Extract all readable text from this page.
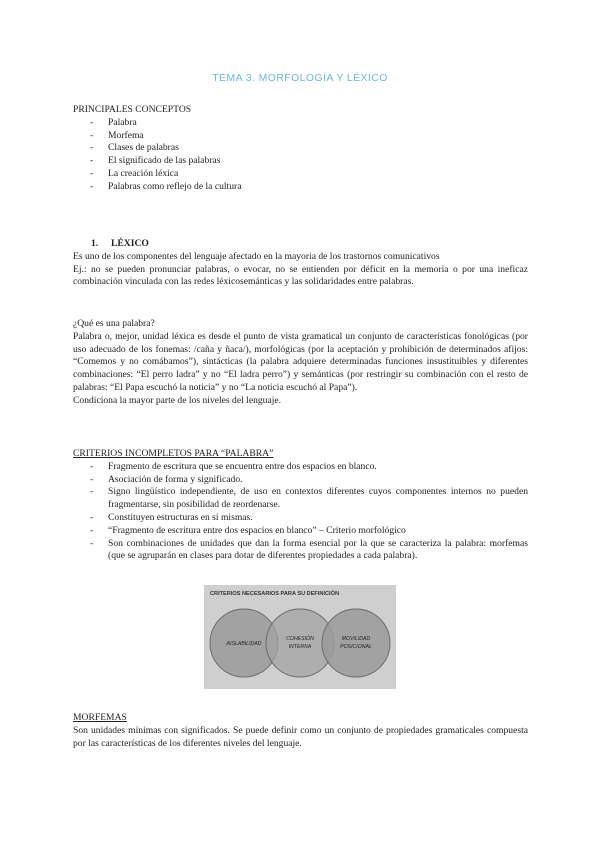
TEMA 3. MORFOLOGÍA Y LÉXICO
PRINCIPALES CONCEPTOS
- Palabra
- Morfema
- Clases de palabras
- El significado de las palabras
- La creación léxica
- Palabras como reflejo de la cultura
1. LÉXICO
Es uno de los componentes del lenguaje afectado en la mayoria de los trastornos comunicativos
Ej.: no se pueden pronunciar palabras, o evocar, no se entienden por déficit en la memoria o por una ineficaz combinación vinculada con las redes léxicosemánticas y las solidaridades entre palabras.
¿Qué es una palabra?
Palabra o, mejor, unidad léxica es desde el punto de vista gramatical un conjunto de características fonológicas (por uso adecuado de los fonemas: /caña y ñaca/), morfológicas (por la aceptación y prohibición de determinados afijos: “Comemos y no comábamos”), sintácticas (la palabra adquiere determinadas funciones insustituibles y diferentes combinaciones: “El perro ladra” y no “El ladra perro”) y semánticas (por restringir su combinación con el resto de palabras: “El Papa escuchó la noticia” y no “La noticia escuchó al Papa”).
Condiciona la mayor parte de los niveles del lenguaje.
CRITERIOS INCOMPLETOS PARA “PALABRA”
- Fragmento de escritura que se encuentra entre dos espacios en blanco.
- Asociación de forma y significado.
- Signo lingüístico independiente, de uso en contextos diferentes cuyos componentes internos no pueden fragmentarse, sin posibilidad de reordenarse.
- Constituyen estructuras en sí mismas.
- “Fragmento de escritura entre dos espacios en blanco” – Criterio morfológico
- Son combinaciones de unidades que dan la forma esencial por la que se caracteriza la palabra: morfemas (que se agruparán en clases para dotar de diferentes propiedades a cada palabra).
CRITERIOS NECESARIOS PARA SU DEFINICIÓN
AISLABILIDAD
COHESIÓN
INTERNA
MOVILIDAD
POSICIONAL
MORFEMAS
Son unidades mínimas con significados. Se puede definir como un conjunto de propiedades gramaticales compuesta por las características de los diferentes niveles del lenguaje.
